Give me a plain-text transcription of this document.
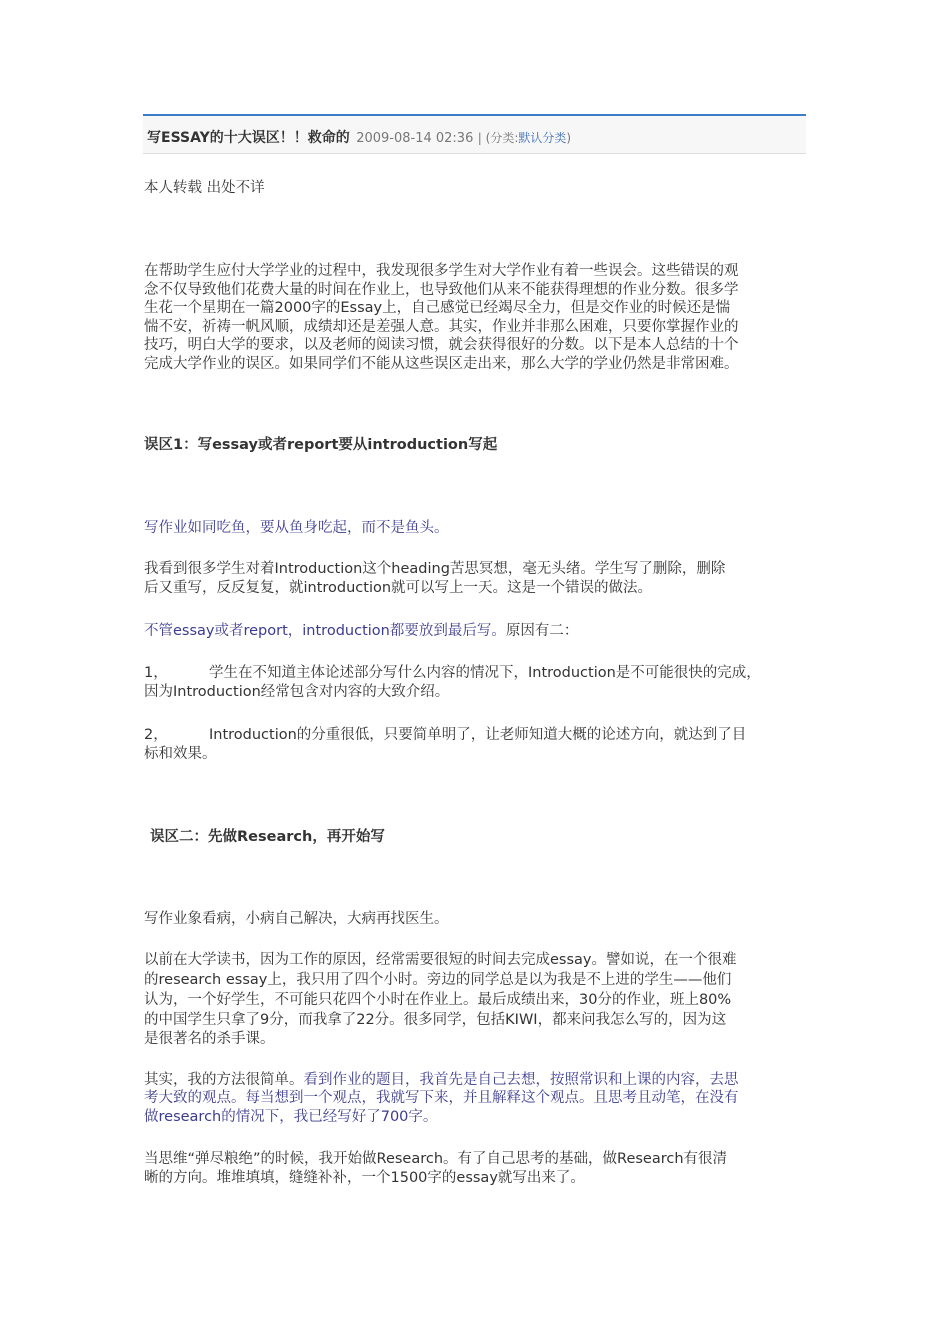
写ESSAY的十大误区！！救命的 2009-08-14 02:36 | (分类:默认分类)
本人转载 出处不详
在帮助学生应付大学学业的过程中，我发现很多学生对大学作业有着一些误会。这些错误的观
念不仅导致他们花费大量的时间在作业上，也导致他们从来不能获得理想的作业分数。很多学
生花一个星期在一篇2000字的Essay上，自己感觉已经竭尽全力，但是交作业的时候还是惴
惴不安，祈祷一帆风顺，成绩却还是差强人意。其实，作业并非那么困难，只要你掌握作业的
技巧，明白大学的要求，以及老师的阅读习惯，就会获得很好的分数。以下是本人总结的十个
完成大学作业的误区。如果同学们不能从这些误区走出来，那么大学的学业仍然是非常困难。
误区1：写essay或者report要从introduction写起
写作业如同吃鱼，要从鱼身吃起，而不是鱼头。
我看到很多学生对着Introduction这个heading苦思冥想，毫无头绪。学生写了删除，删除
后又重写，反反复复，就introduction就可以写上一天。这是一个错误的做法。
不管essay或者report，introduction都要放到最后写。原因有二：
1，	学生在不知道主体论述部分写什么内容的情况下，Introduction是不可能很快的完成，
因为Introduction经常包含对内容的大致介绍。
2，	Introduction的分重很低，只要简单明了，让老师知道大概的论述方向，就达到了目
标和效果。
误区二：先做Research，再开始写
写作业象看病，小病自己解决，大病再找医生。
以前在大学读书，因为工作的原因，经常需要很短的时间去完成essay。譬如说，在一个很难
的research essay上，我只用了四个小时。旁边的同学总是以为我是不上进的学生——他们
认为，一个好学生，不可能只花四个小时在作业上。最后成绩出来，30分的作业，班上80%
的中国学生只拿了9分，而我拿了22分。很多同学，包括KIWI，都来问我怎么写的，因为这
是很著名的杀手课。
其实，我的方法很简单。看到作业的题目，我首先是自己去想，按照常识和上课的内容，去思
考大致的观点。每当想到一个观点，我就写下来，并且解释这个观点。且思考且动笔，在没有
做research的情况下，我已经写好了700字。
当思维“弹尽粮绝”的时候，我开始做Research。有了自己思考的基础，做Research有很清
晰的方向。堆堆填填，缝缝补补，一个1500字的essay就写出来了。
